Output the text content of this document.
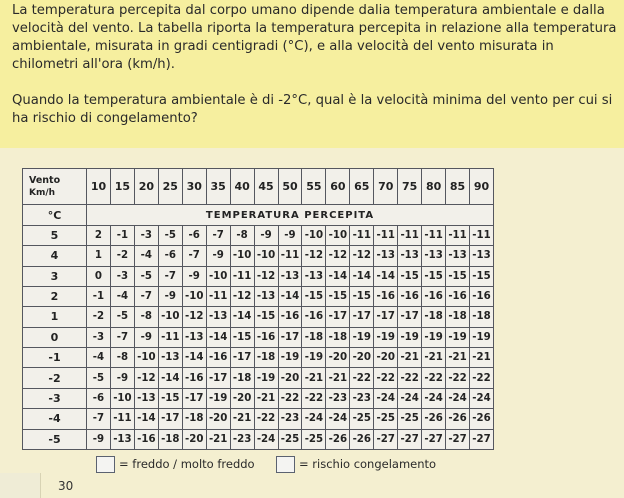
La temperatura percepita dal corpo umano dipende dalia temperatura ambientale e dalla velocità del vento. La tabella riporta la temperatura percepita in relazione alla temperatura ambientale, misurata in gradi centigradi (°C), e alla velocità del vento misurata in chilometri all'ora (km/h).

Quando la temperatura ambientale è di -2°C, qual è la velocità minima del vento per cui si ha rischio di congelamento?

Vento
Km/h	10	15	20	25	30	35	40	45	50	55	60	65	70	75	80	85	90
°C	TEMPERATURA PERCEPITA																
5	2	-1	-3	-5	-6	-7	-8	-9	-9	-10	-10	-11	-11	-11	-11	-11	-11
4	1	-2	-4	-6	-7	-9	-10	-10	-11	-12	-12	-12	-13	-13	-13	-13	-13
3	0	-3	-5	-7	-9	-10	-11	-12	-13	-13	-14	-14	-14	-15	-15	-15	-15
2	-1	-4	-7	-9	-10	-11	-12	-13	-14	-15	-15	-15	-16	-16	-16	-16	-16
1	-2	-5	-8	-10	-12	-13	-14	-15	-16	-16	-17	-17	-17	-17	-18	-18	-18
0	-3	-7	-9	-11	-13	-14	-15	-16	-17	-18	-18	-19	-19	-19	-19	-19	-19
-1	-4	-8	-10	-13	-14	-16	-17	-18	-19	-19	-20	-20	-20	-21	-21	-21	-21
-2	-5	-9	-12	-14	-16	-17	-18	-19	-20	-21	-21	-22	-22	-22	-22	-22	-22
-3	-6	-10	-13	-15	-17	-19	-20	-21	-22	-22	-23	-23	-24	-24	-24	-24	-24
-4	-7	-11	-14	-17	-18	-20	-21	-22	-23	-24	-24	-25	-25	-25	-26	-26	-26
-5	-9	-13	-16	-18	-20	-21	-23	-24	-25	-25	-26	-26	-27	-27	-27	-27	-27
= freddo / molto freddo	= rischio congelamento
30
